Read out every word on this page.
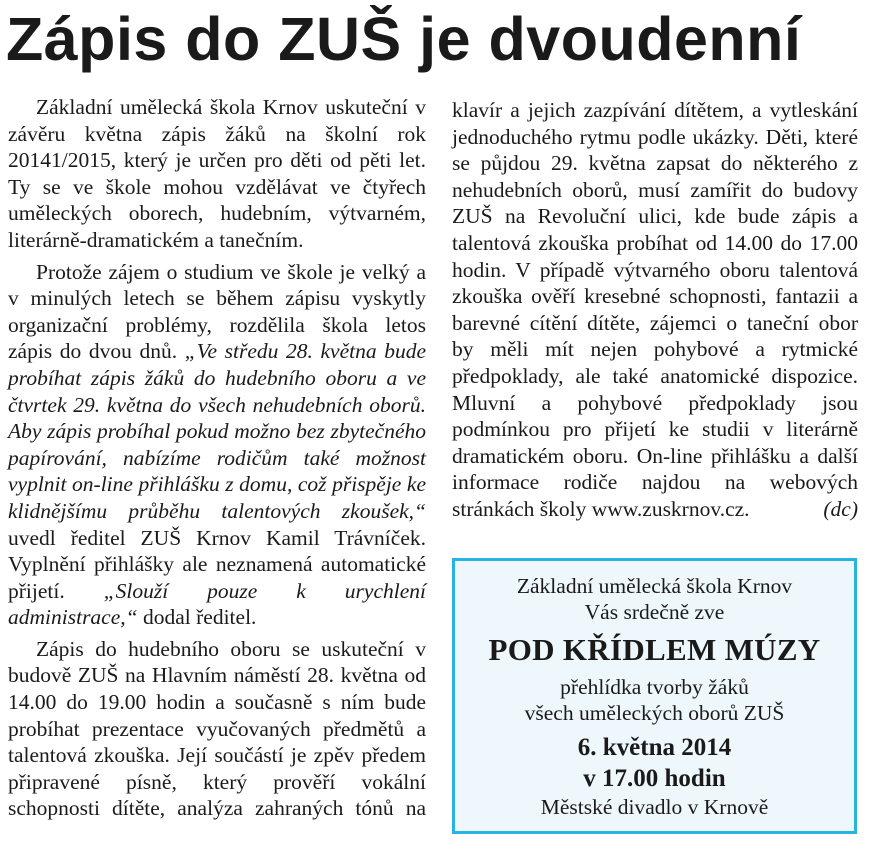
Zápis do ZUŠ je dvoudenní

Základní umělecká škola Krnov uskuteční v závěru května zápis žáků na školní rok 20141/2015, který je určen pro děti od pěti let. Ty se ve škole mohou vzdělávat ve čtyřech uměleckých oborech, hudebním, výtvarném, literárně-dramatickém a tanečním.

Protože zájem o studium ve škole je velký a v minulých letech se během zápisu vyskytly organizační problémy, rozdělila škola letos zápis do dvou dnů. „Ve středu 28. května bude probíhat zápis žáků do hudebního oboru a ve čtvrtek 29. května do všech nehudebních oborů. Aby zápis probíhal pokud možno bez zbytečného papírování, nabízíme rodičům také možnost vyplnit on-line přihlášku z domu, což přispěje ke klidnějšímu průběhu talentových zkoušek,“ uvedl ředitel ZUŠ Krnov Kamil Trávníček. Vyplnění přihlášky ale neznamená automatické přijetí. „Slouží pouze k urychlení administrace,“ dodal ředitel.

Zápis do hudebního oboru se uskuteční v budově ZUŠ na Hlavním náměstí 28. května od 14.00 do 19.00 hodin a současně s ním bude probíhat prezentace vyučovaných předmětů a talentová zkouška. Její součástí je zpěv předem připravené písně, který prověří vokální schopnosti dítěte, analýza zahraných tónů na

klavír a jejich zazpívání dítětem, a vytleskání jednoduchého rytmu podle ukázky. Děti, které se půjdou 29. května zapsat do některého z nehudebních oborů, musí zamířit do budovy ZUŠ na Revoluční ulici, kde bude zápis a talentová zkouška probíhat od 14.00 do 17.00 hodin. V případě výtvarného oboru talentová zkouška ověří kresebné schopnosti, fantazii a barevné cítění dítěte, zájemci o taneční obor by měli mít nejen pohybové a rytmické předpoklady, ale také anatomické dispozice. Mluvní a pohybové předpoklady jsou podmínkou pro přijetí ke studii v literárně dramatickém oboru. On-line přihlášku a další informace rodiče najdou na webových stránkách školy www.zuskrnov.cz.	(dc)

Základní umělecká škola Krnov
Vás srdečně zve
POD KŘÍDLEM MÚZY
přehlídka tvorby žáků
všech uměleckých oborů ZUŠ
6. května 2014
v 17.00 hodin
Městské divadlo v Krnově
